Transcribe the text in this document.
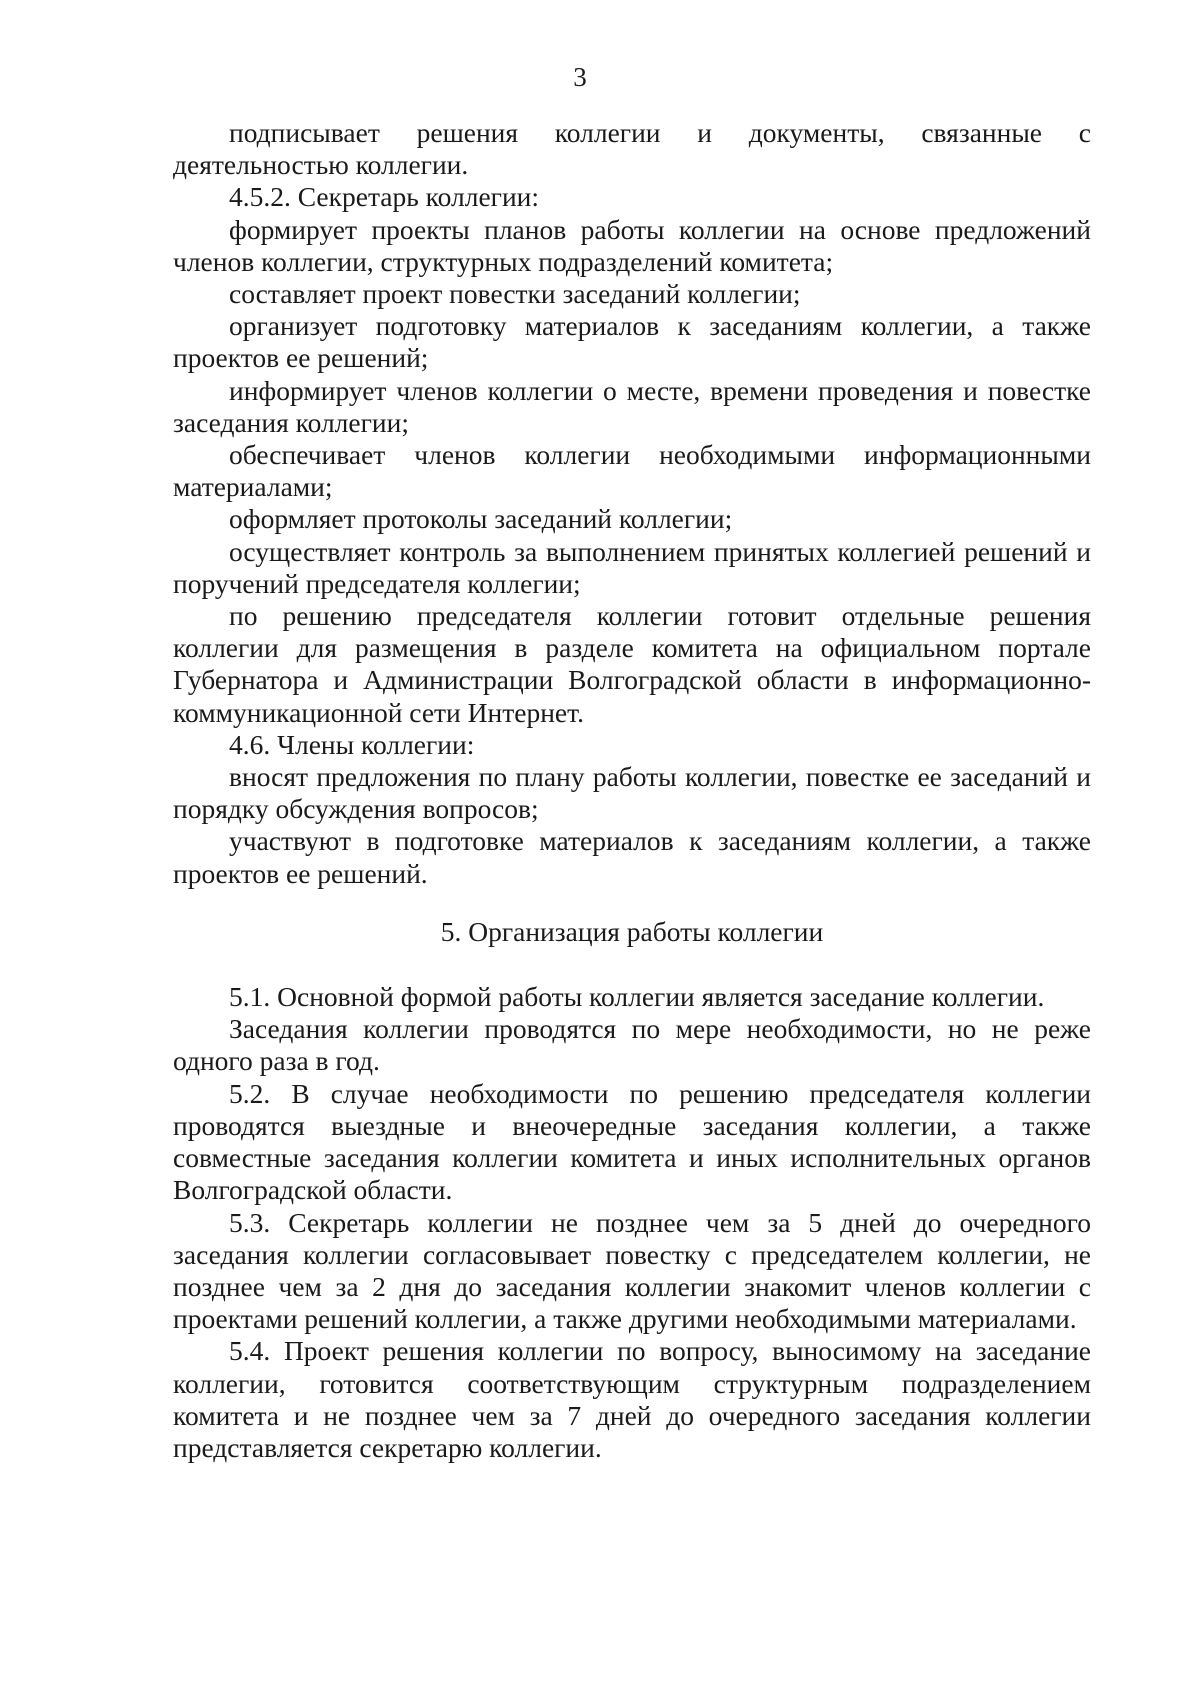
3

подписывает решения коллегии и документы, связанные с деятельностью коллегии.

4.5.2. Секретарь коллегии:

формирует проекты планов работы коллегии на основе предложений членов коллегии, структурных подразделений комитета;

составляет проект повестки заседаний коллегии;

организует подготовку материалов к заседаниям коллегии, а также проектов ее решений;

информирует членов коллегии о месте, времени проведения и повестке заседания коллегии;

обеспечивает членов коллегии необходимыми информационными материалами;

оформляет протоколы заседаний коллегии;

осуществляет контроль за выполнением принятых коллегией решений и поручений председателя коллегии;

по решению председателя коллегии готовит отдельные решения коллегии для размещения в разделе комитета на официальном портале Губернатора и Администрации Волгоградской области в информационно-коммуникационной сети Интернет.

4.6. Члены коллегии:

вносят предложения по плану работы коллегии, повестке ее заседаний и порядку обсуждения вопросов;

участвуют в подготовке материалов к заседаниям коллегии, а также проектов ее решений.

5. Организация работы коллегии

5.1. Основной формой работы коллегии является заседание коллегии.

Заседания коллегии проводятся по мере необходимости, но не реже одного раза в год.

5.2. В случае необходимости по решению председателя коллегии проводятся выездные и внеочередные заседания коллегии, а также совместные заседания коллегии комитета и иных исполнительных органов Волгоградской области.

5.3. Секретарь коллегии не позднее чем за 5 дней до очередного заседания коллегии согласовывает повестку с председателем коллегии, не позднее чем за 2 дня до заседания коллегии знакомит членов коллегии с проектами решений коллегии, а также другими необходимыми материалами.

5.4. Проект решения коллегии по вопросу, выносимому на заседание коллегии, готовится соответствующим структурным подразделением комитета и не позднее чем за 7 дней до очередного заседания коллегии представляется секретарю коллегии.
